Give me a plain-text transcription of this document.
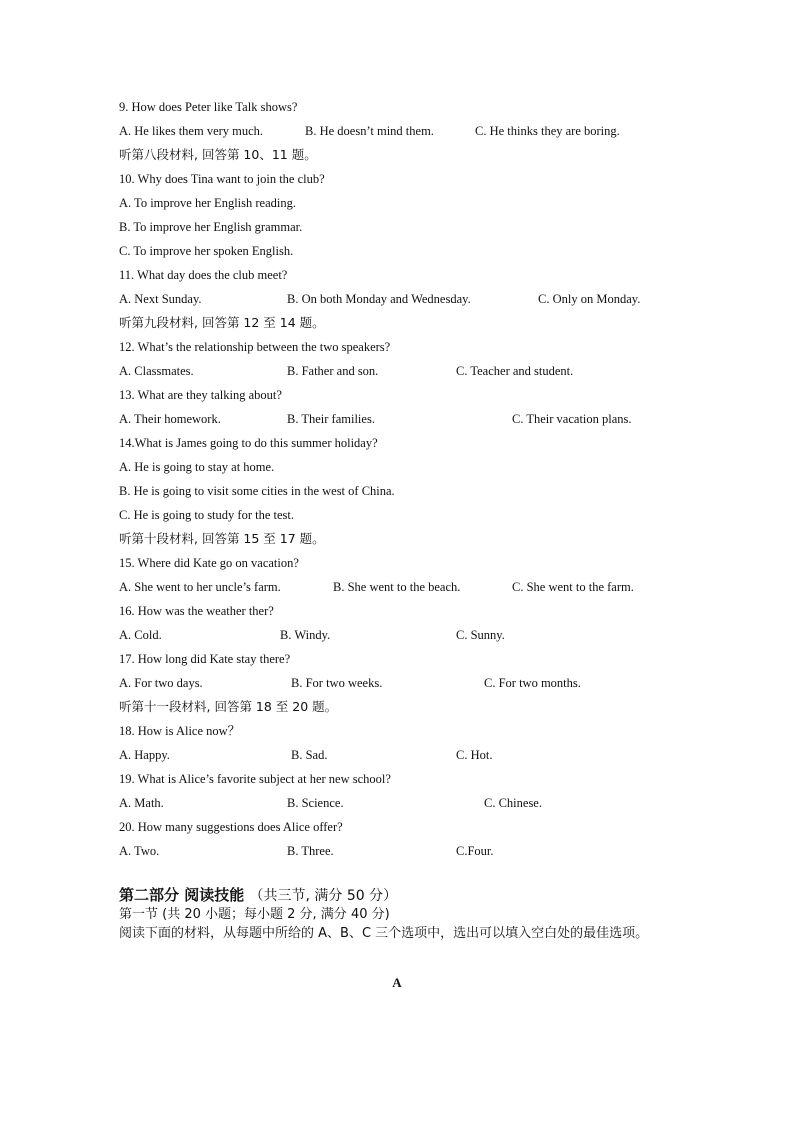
9. How does Peter like Talk shows?
A. He likes them very much.	B. He doesn’t mind them.	C. He thinks they are boring.
听第八段材料, 回答第 10、11 题。
10. Why does Tina want to join the club?
A. To improve her English reading.
B. To improve her English grammar.
C. To improve her spoken English.
11. What day does the club meet?
A. Next Sunday.	B. On both Monday and Wednesday.	C. Only on Monday.
听第九段材料, 回答第 12 至 14 题。
12. What’s the relationship between the two speakers?
A. Classmates.	B. Father and son.	C. Teacher and student.
13. What are they talking about?
A. Their homework.	B. Their families.	C. Their vacation plans.
14.What is James going to do this summer holiday?
A. He is going to stay at home.
B. He is going to visit some cities in the west of China.
C. He is going to study for the test.
听第十段材料, 回答第 15 至 17 题。
15. Where did Kate go on vacation?
A. She went to her uncle’s farm.	B. She went to the beach.	C. She went to the farm.
16. How was the weather ther?
A. Cold.	B. Windy.	C. Sunny.
17. How long did Kate stay there?
A. For two days.	B. For two weeks.	C. For two months.
听第十一段材料, 回答第 18 至 20 题。
18. How is Alice now？
A. Happy.	B. Sad.	C. Hot.
19. What is Alice’s favorite subject at her new school?
A. Math.	B. Science.	C. Chinese.
20. How many suggestions does Alice offer?
A. Two.	B. Three.	C.Four.
第二部分 阅读技能 （共三节, 满分 50 分）
第一节 (共 20 小题；每小题 2 分, 满分 40 分)
阅读下面的材料，从每题中所给的 A、B、C 三个选项中，选出可以填入空白处的最佳选项。
A
